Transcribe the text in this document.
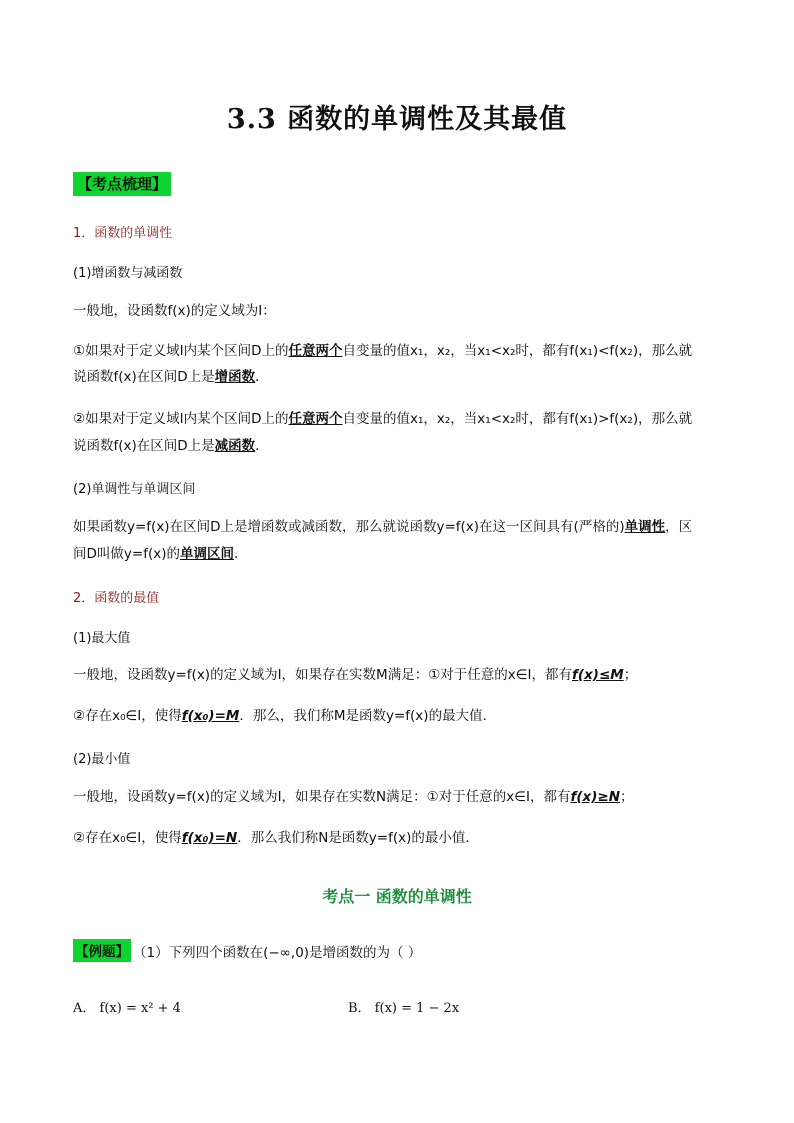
3.3 函数的单调性及其最值
【考点梳理】
1．函数的单调性
(1)增函数与减函数
一般地，设函数f(x)的定义域为I：
①如果对于定义域I内某个区间D上的任意两个自变量的值x₁，x₂，当x₁<x₂时，都有f(x₁)<f(x₂)，那么就
说函数f(x)在区间D上是增函数．
②如果对于定义域I内某个区间D上的任意两个自变量的值x₁，x₂，当x₁<x₂时，都有f(x₁)>f(x₂)，那么就
说函数f(x)在区间D上是减函数．
(2)单调性与单调区间
如果函数y=f(x)在区间D上是增函数或减函数，那么就说函数y=f(x)在这一区间具有(严格的)单调性，区
间D叫做y=f(x)的单调区间．
2．函数的最值
(1)最大值
一般地，设函数y=f(x)的定义域为I，如果存在实数M满足：①对于任意的x∈I，都有f(x)≤M；
②存在x₀∈I，使得f(x₀)=M．那么，我们称M是函数y=f(x)的最大值．
(2)最小值
一般地，设函数y=f(x)的定义域为I，如果存在实数N满足：①对于任意的x∈I，都有f(x)≥N；
②存在x₀∈I，使得f(x₀)=N．那么我们称N是函数y=f(x)的最小值．
考点一 函数的单调性
【例题】 （1）下列四个函数在(−∞,0)是增函数的为（ ）
A． f(x) = x² + 4	B． f(x) = 1 − 2x
